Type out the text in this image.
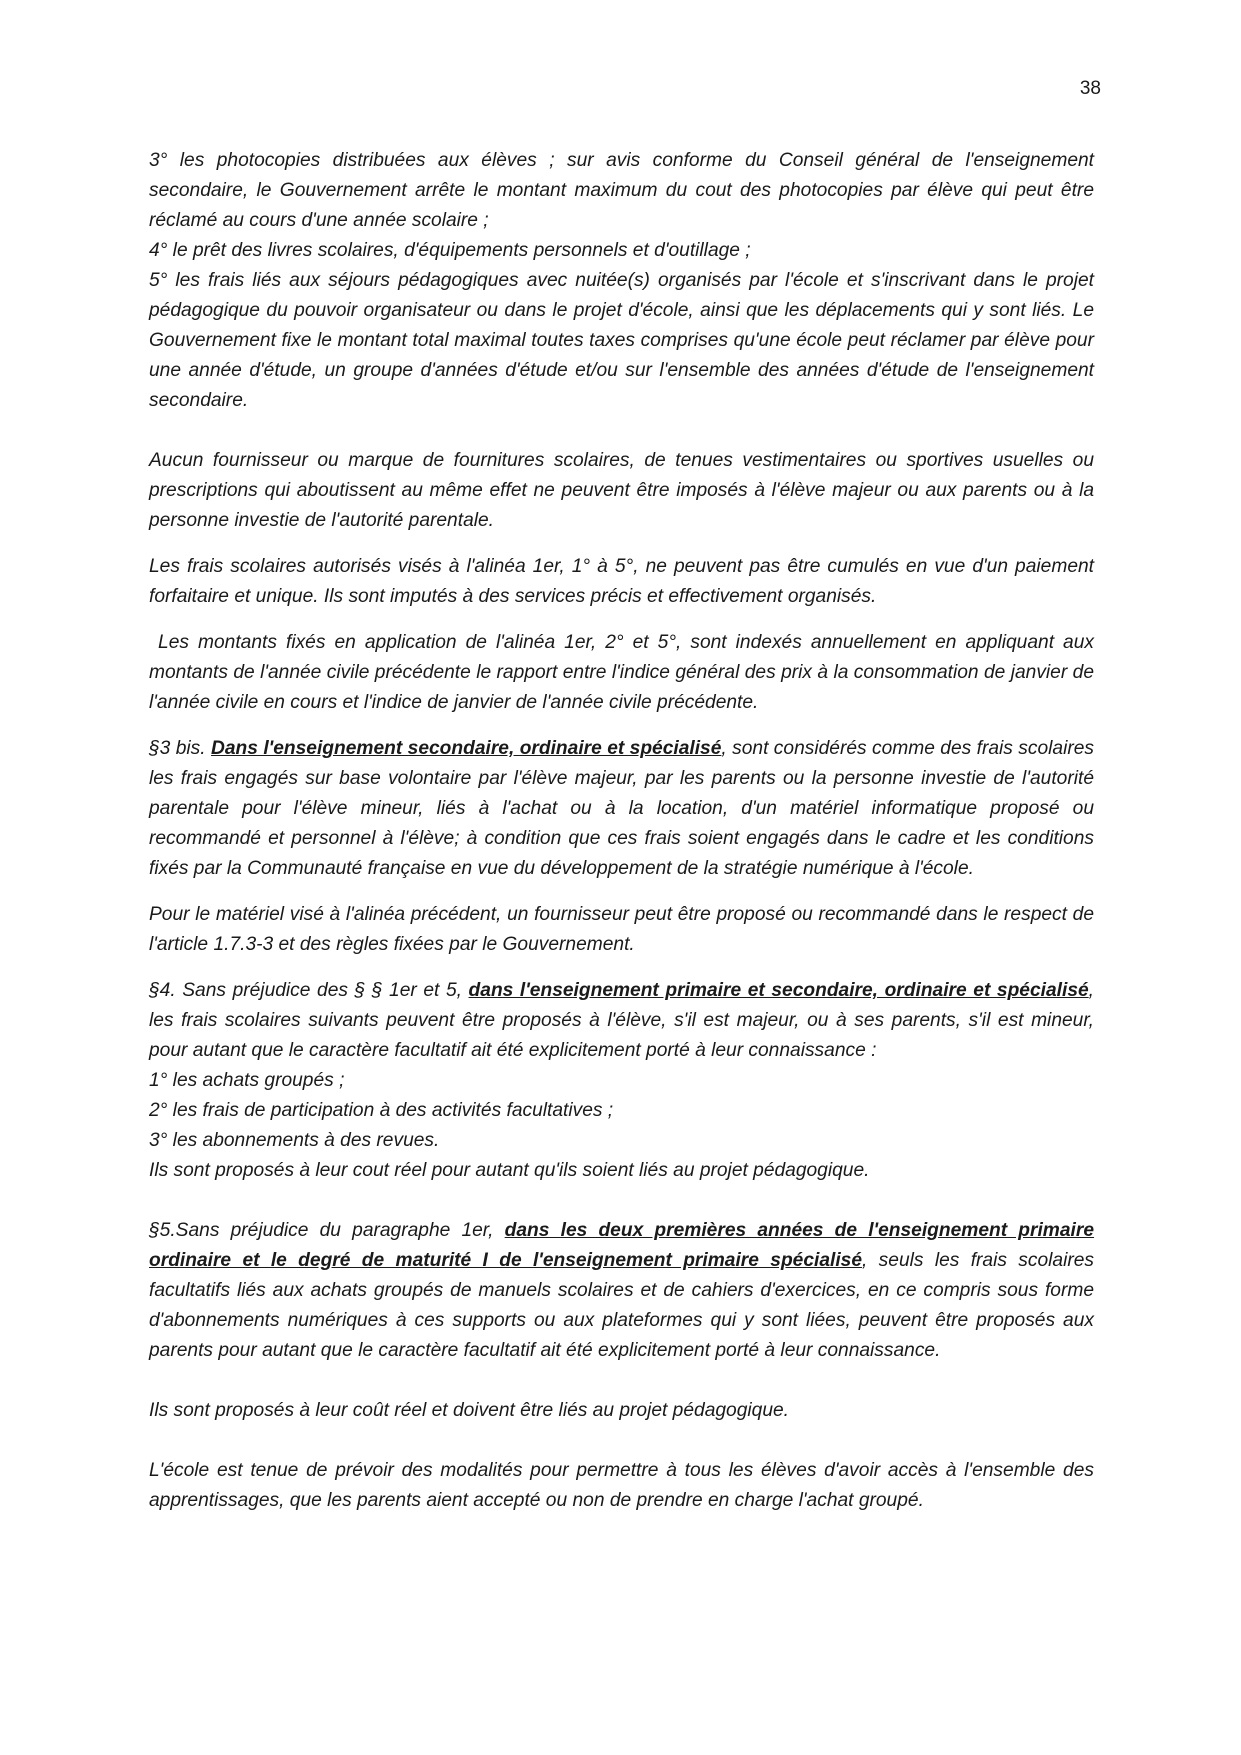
38

3° les photocopies distribuées aux élèves ; sur avis conforme du Conseil général de l'enseignement secondaire, le Gouvernement arrête le montant maximum du cout des photocopies par élève qui peut être réclamé au cours d'une année scolaire ;
4° le prêt des livres scolaires, d'équipements personnels et d'outillage ;
5° les frais liés aux séjours pédagogiques avec nuitée(s) organisés par l'école et s'inscrivant dans le projet pédagogique du pouvoir organisateur ou dans le projet d'école, ainsi que les déplacements qui y sont liés. Le Gouvernement fixe le montant total maximal toutes taxes comprises qu'une école peut réclamer par élève pour une année d'étude, un groupe d'années d'étude et/ou sur l'ensemble des années d'étude de l'enseignement secondaire.

Aucun fournisseur ou marque de fournitures scolaires, de tenues vestimentaires ou sportives usuelles ou prescriptions qui aboutissent au même effet ne peuvent être imposés à l'élève majeur ou aux parents ou à la personne investie de l'autorité parentale.

Les frais scolaires autorisés visés à l'alinéa 1er, 1° à 5°, ne peuvent pas être cumulés en vue d'un paiement forfaitaire et unique. Ils sont imputés à des services précis et effectivement organisés.

Les montants fixés en application de l'alinéa 1er, 2° et 5°, sont indexés annuellement en appliquant aux montants de l'année civile précédente le rapport entre l'indice général des prix à la consommation de janvier de l'année civile en cours et l'indice de janvier de l'année civile précédente.

§3 bis. Dans l'enseignement secondaire, ordinaire et spécialisé, sont considérés comme des frais scolaires les frais engagés sur base volontaire par l'élève majeur, par les parents ou la personne investie de l'autorité parentale pour l'élève mineur, liés à l'achat ou à la location, d'un matériel informatique proposé ou recommandé et personnel à l'élève; à condition que ces frais soient engagés dans le cadre et les conditions fixés par la Communauté française en vue du développement de la stratégie numérique à l'école.

Pour le matériel visé à l'alinéa précédent, un fournisseur peut être proposé ou recommandé dans le respect de l'article 1.7.3-3 et des règles fixées par le Gouvernement.

§4. Sans préjudice des § § 1er et 5, dans l'enseignement primaire et secondaire, ordinaire et spécialisé, les frais scolaires suivants peuvent être proposés à l'élève, s'il est majeur, ou à ses parents, s'il est mineur, pour autant que le caractère facultatif ait été explicitement porté à leur connaissance :
1° les achats groupés ;
2° les frais de participation à des activités facultatives ;
3° les abonnements à des revues.
Ils sont proposés à leur cout réel pour autant qu'ils soient liés au projet pédagogique.

§5.Sans préjudice du paragraphe 1er, dans les deux premières années de l'enseignement primaire ordinaire et le degré de maturité I de l'enseignement primaire spécialisé, seuls les frais scolaires facultatifs liés aux achats groupés de manuels scolaires et de cahiers d'exercices, en ce compris sous forme d'abonnements numériques à ces supports ou aux plateformes qui y sont liées, peuvent être proposés aux parents pour autant que le caractère facultatif ait été explicitement porté à leur connaissance.

Ils sont proposés à leur coût réel et doivent être liés au projet pédagogique.

L'école est tenue de prévoir des modalités pour permettre à tous les élèves d'avoir accès à l'ensemble des apprentissages, que les parents aient accepté ou non de prendre en charge l'achat groupé.
